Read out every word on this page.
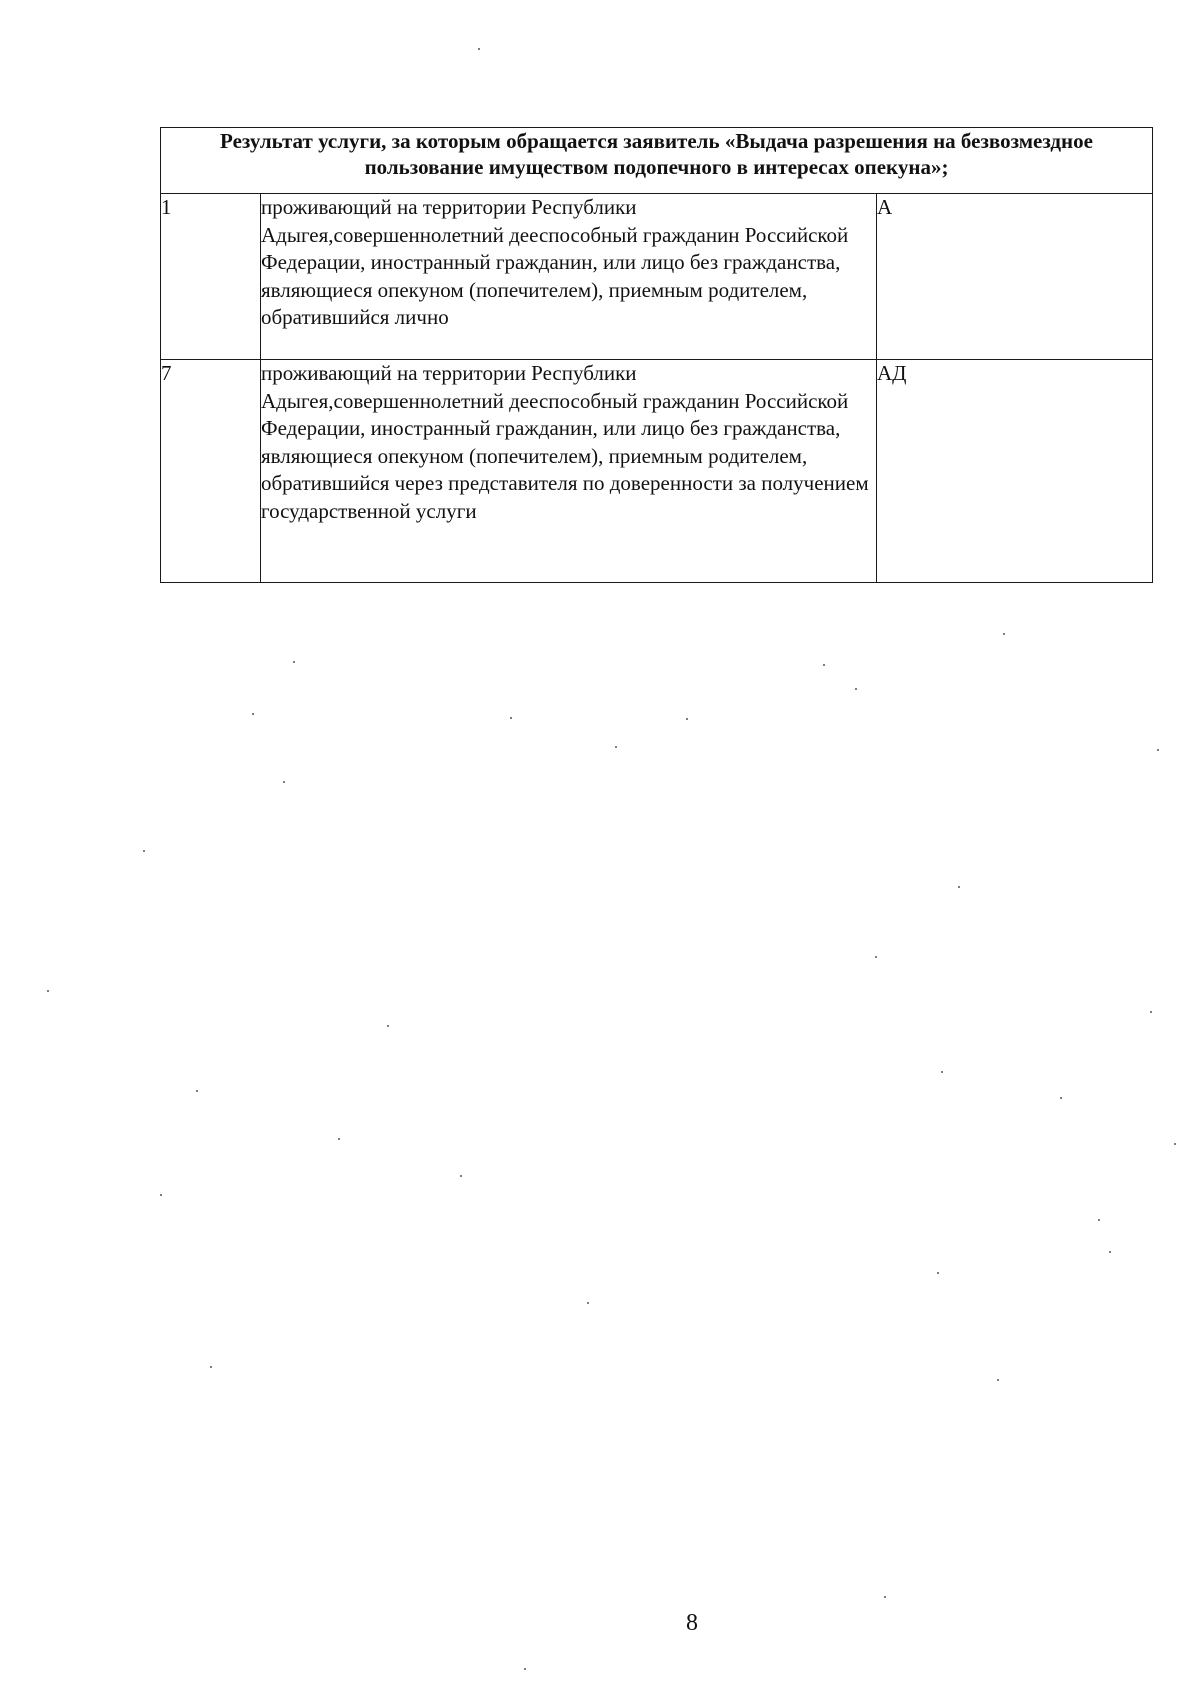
Результат услуги, за которым обращается заявитель «Выдача разрешения на безвозмездное пользование имуществом подопечного в интересах опекуна»;		
1	проживающий на территории Республики Адыгея,совершеннолетний дееспособный гражданин Российской Федерации, иностранный гражданин, или лицо без гражданства, являющиеся опекуном (попечителем), приемным родителем, обратившийся лично	А
7	проживающий на территории Республики Адыгея,совершеннолетний дееспособный гражданин Российской Федерации, иностранный гражданин, или лицо без гражданства, являющиеся опекуном (попечителем), приемным родителем, обратившийся через представителя по доверенности за получением государственной услуги	АД
8
